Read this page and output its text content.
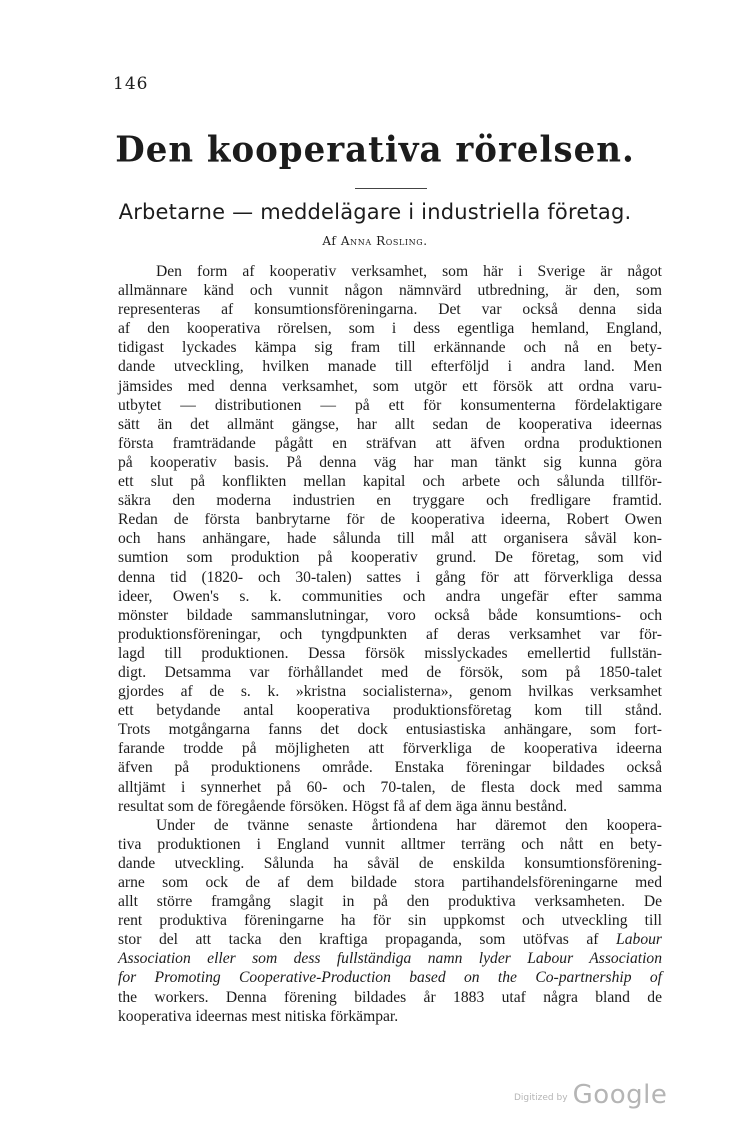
146
Den kooperativa rörelsen.
Arbetarne — meddelägare i industriella företag.
Af Anna Rosling.
Den form af kooperativ verksamhet, som här i Sverige är något
allmännare känd och vunnit någon nämnvärd utbredning, är den, som
representeras af konsumtionsföreningarna. Det var också denna sida
af den kooperativa rörelsen, som i dess egentliga hemland, England,
tidigast lyckades kämpa sig fram till erkännande och nå en bety-
dande utveckling, hvilken manade till efterföljd i andra land. Men
jämsides med denna verksamhet, som utgör ett försök att ordna varu-
utbytet — distributionen — på ett för konsumenterna fördelaktigare
sätt än det allmänt gängse, har allt sedan de kooperativa ideernas
första framträdande pågått en sträfvan att äfven ordna produktionen
på kooperativ basis. På denna väg har man tänkt sig kunna göra
ett slut på konflikten mellan kapital och arbete och sålunda tillför-
säkra den moderna industrien en tryggare och fredligare framtid.
Redan de första banbrytarne för de kooperativa ideerna, Robert Owen
och hans anhängare, hade sålunda till mål att organisera såväl kon-
sumtion som produktion på kooperativ grund. De företag, som vid
denna tid (1820- och 30-talen) sattes i gång för att förverkliga dessa
ideer, Owen's s. k. communities och andra ungefär efter samma
mönster bildade sammanslutningar, voro också både konsumtions- och
produktionsföreningar, och tyngdpunkten af deras verksamhet var för-
lagd till produktionen. Dessa försök misslyckades emellertid fullstän-
digt. Detsamma var förhållandet med de försök, som på 1850-talet
gjordes af de s. k. »kristna socialisterna», genom hvilkas verksamhet
ett betydande antal kooperativa produktionsföretag kom till stånd.
Trots motgångarna fanns det dock entusiastiska anhängare, som fort-
farande trodde på möjligheten att förverkliga de kooperativa ideerna
äfven på produktionens område. Enstaka föreningar bildades också
alltjämt i synnerhet på 60- och 70-talen, de flesta dock med samma
resultat som de föregående försöken. Högst få af dem äga ännu bestånd.
Under de tvänne senaste årtiondena har däremot den koopera-
tiva produktionen i England vunnit alltmer terräng och nått en bety-
dande utveckling. Sålunda ha såväl de enskilda konsumtionsförening-
arne som ock de af dem bildade stora partihandelsföreningarne med
allt större framgång slagit in på den produktiva verksamheten. De
rent produktiva föreningarne ha för sin uppkomst och utveckling till
stor del att tacka den kraftiga propaganda, som utöfvas af Labour
Association eller som dess fullständiga namn lyder Labour Association
for Promoting Cooperative-Production based on the Co-partnership of
the workers. Denna förening bildades år 1883 utaf några bland de
kooperativa ideernas mest nitiska förkämpar.
Digitized by Google
